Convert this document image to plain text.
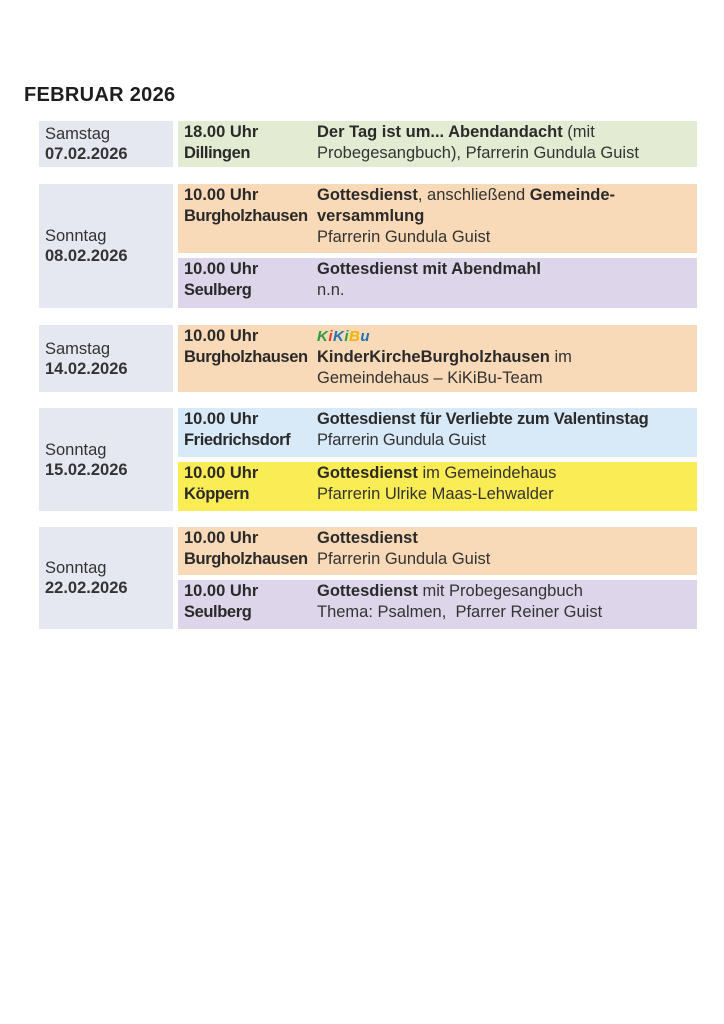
FEBRUAR 2026
Samstag
07.02.2026
18.00 Uhr
Dillingen
Der Tag ist um... Abendandacht (mit
Probegesangbuch), Pfarrerin Gundula Guist
Sonntag
08.02.2026
10.00 Uhr
Burgholzhausen
Gottesdienst, anschließend Gemeinde-
versammlung
Pfarrerin Gundula Guist
10.00 Uhr
Seulberg
Gottesdienst mit Abendmahl
n.n.
Samstag
14.02.2026
10.00 Uhr
Burgholzhausen
KiKiBu
KinderKircheBurgholzhausen im
Gemeindehaus – KiKiBu-Team
Sonntag
15.02.2026
10.00 Uhr
Friedrichsdorf
Gottesdienst für Verliebte zum Valentinstag
Pfarrerin Gundula Guist
10.00 Uhr
Köppern
Gottesdienst im Gemeindehaus
Pfarrerin Ulrike Maas-Lehwalder
Sonntag
22.02.2026
10.00 Uhr
Burgholzhausen
Gottesdienst
Pfarrerin Gundula Guist
10.00 Uhr
Seulberg
Gottesdienst mit Probegesangbuch
Thema: Psalmen,  Pfarrer Reiner Guist
